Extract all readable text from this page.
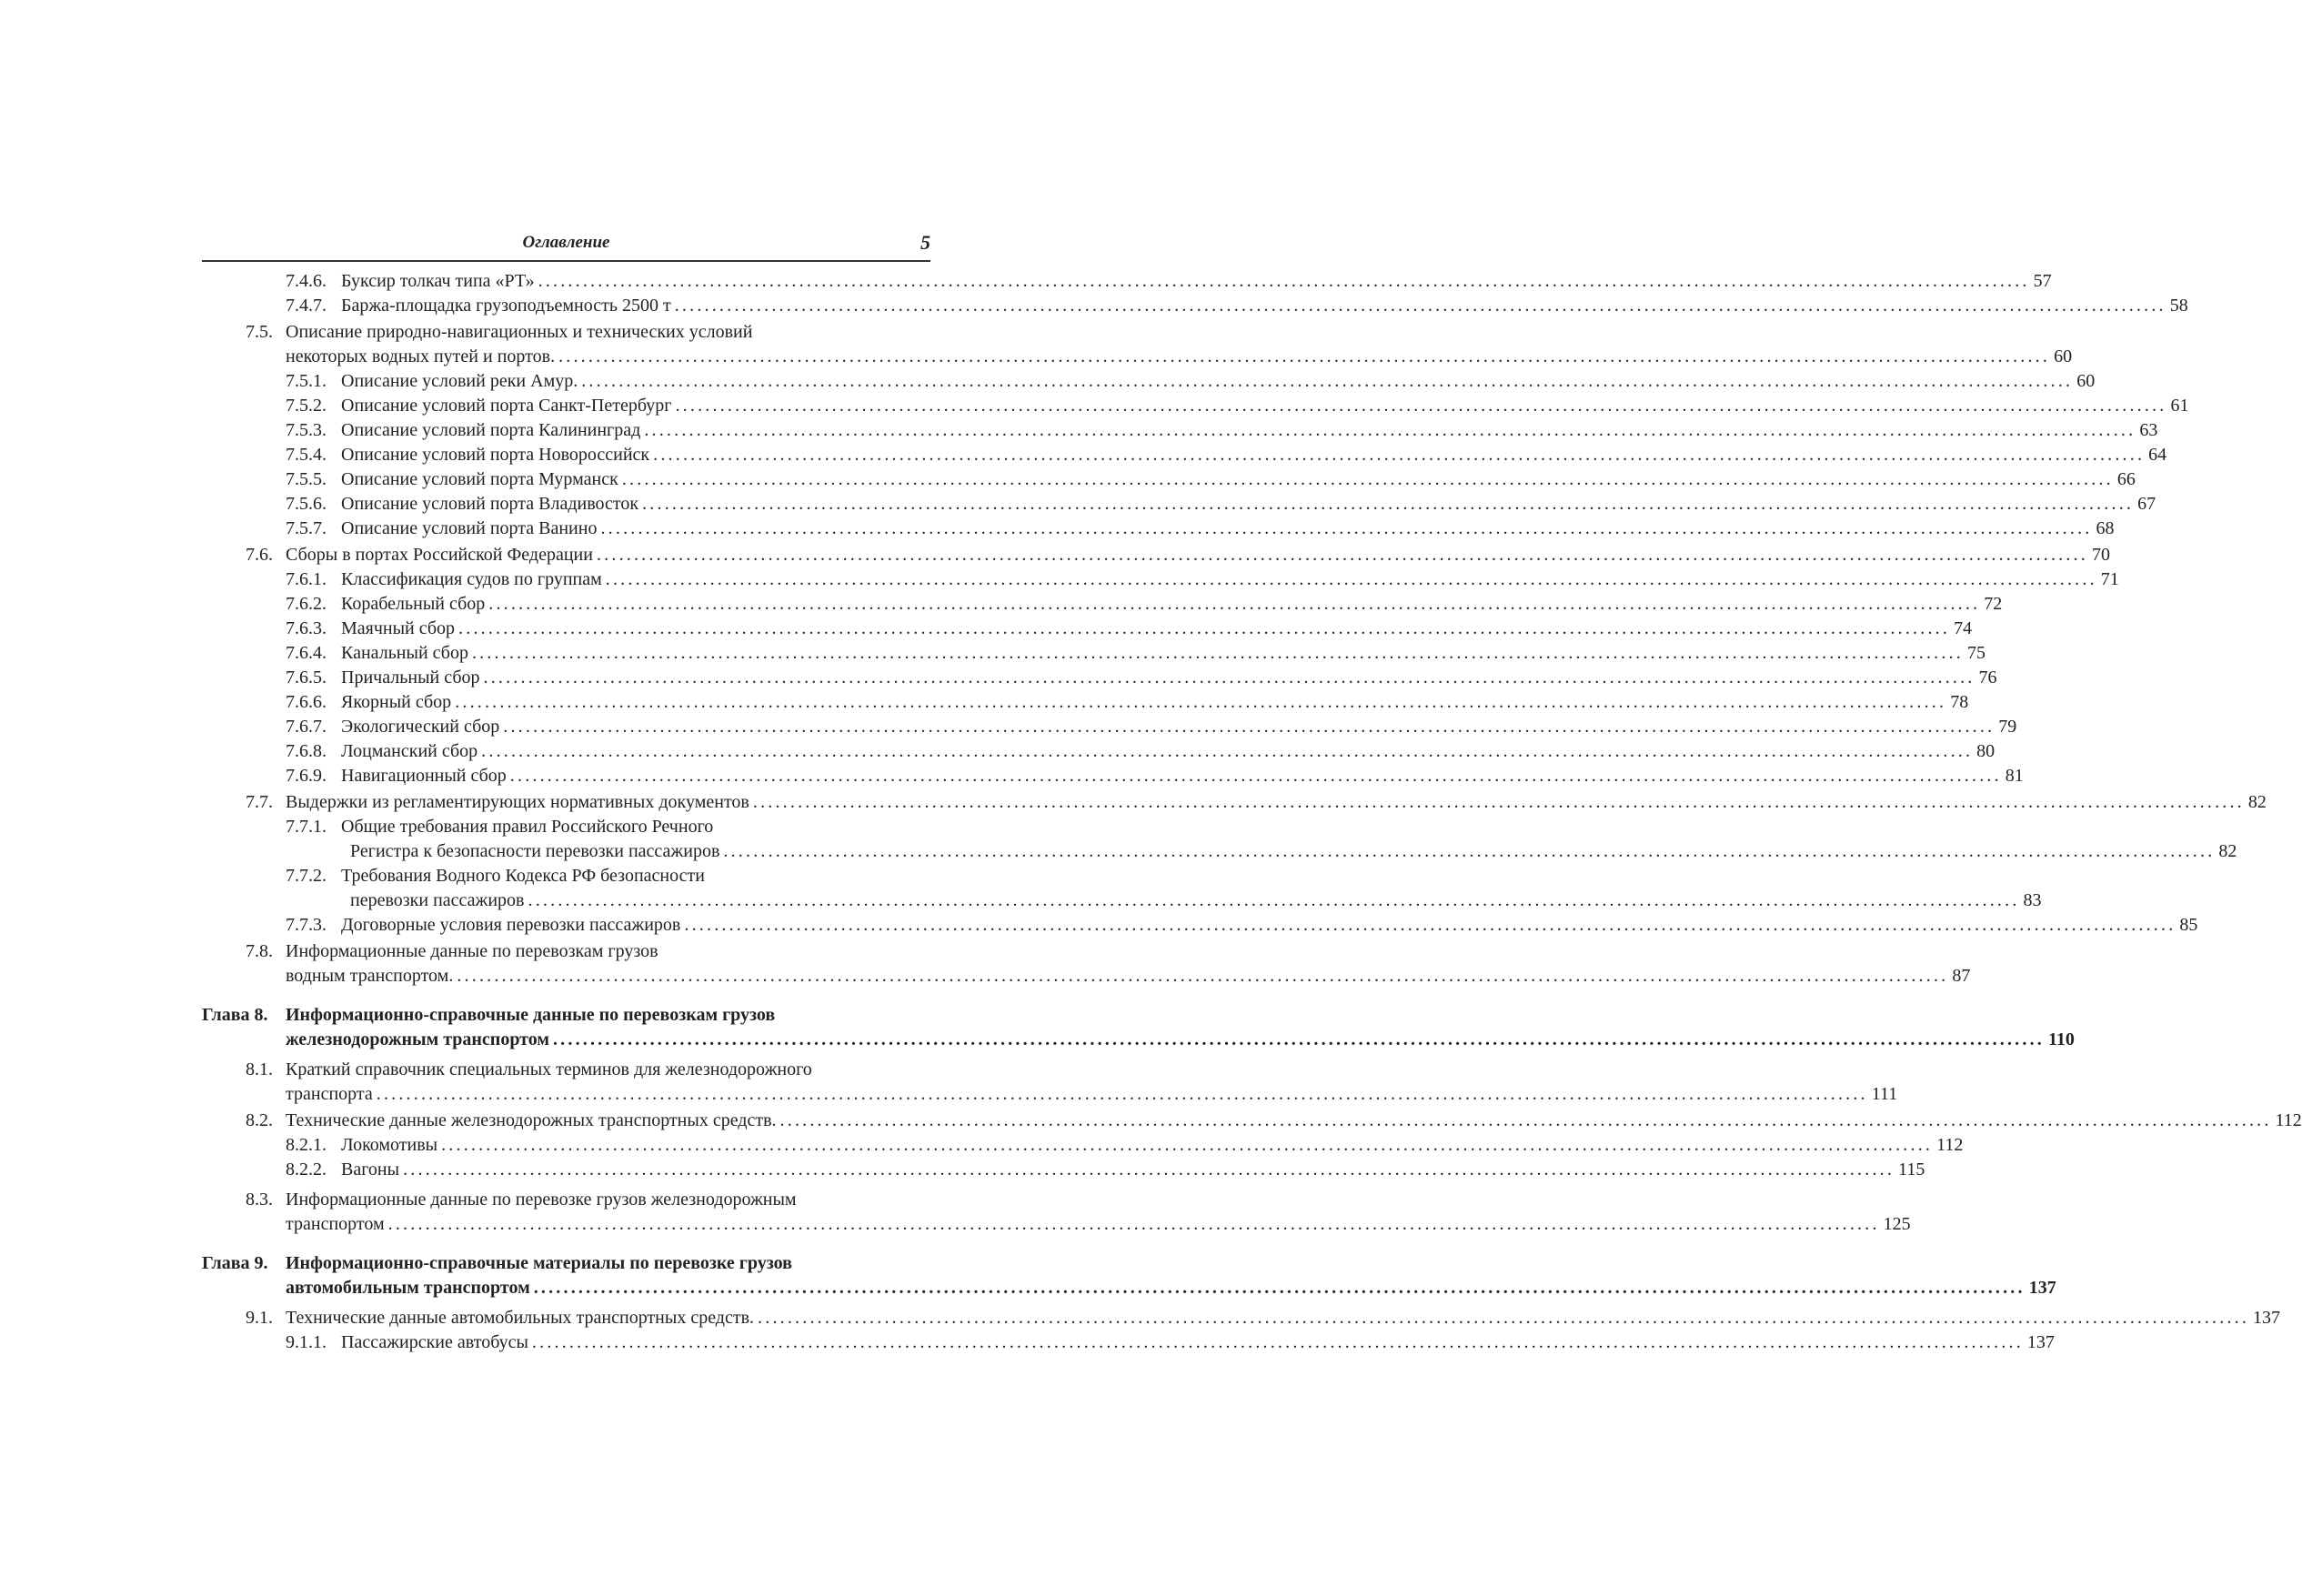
Оглавление	5
Буксир толкач типа «РТ» ........................................................................................................................................................................................................ 57
7.4.6.
Баржа-площадка грузоподъемность 2500 т ........................................................................................................................................................................................................ 58
7.4.7.
Описание природно-навигационных и технических условий
некоторых водных путей и портов. ........................................................................................................................................................................................................ 60
7.5.
Описание условий реки Амур. ........................................................................................................................................................................................................ 60
7.5.1.
Описание условий порта Санкт-Петербург ........................................................................................................................................................................................................ 61
7.5.2.
Описание условий порта Калининград ........................................................................................................................................................................................................ 63
7.5.3.
Описание условий порта Новороссийск ........................................................................................................................................................................................................ 64
7.5.4.
Описание условий порта Мурманск ........................................................................................................................................................................................................ 66
7.5.5.
Описание условий порта Владивосток ........................................................................................................................................................................................................ 67
7.5.6.
Описание условий порта Ванино ........................................................................................................................................................................................................ 68
7.5.7.
Сборы в портах Российской Федерации ........................................................................................................................................................................................................ 70
7.6.
Классификация судов по группам ........................................................................................................................................................................................................ 71
7.6.1.
Корабельный сбор ........................................................................................................................................................................................................ 72
7.6.2.
Маячный сбор ........................................................................................................................................................................................................ 74
7.6.3.
Канальный сбор ........................................................................................................................................................................................................ 75
7.6.4.
Причальный сбор ........................................................................................................................................................................................................ 76
7.6.5.
Якорный сбор ........................................................................................................................................................................................................ 78
7.6.6.
Экологический сбор ........................................................................................................................................................................................................ 79
7.6.7.
Лоцманский сбор ........................................................................................................................................................................................................ 80
7.6.8.
Навигационный сбор ........................................................................................................................................................................................................ 81
7.6.9.
Выдержки из регламентирующих нормативных документов ........................................................................................................................................................................................................ 82
7.7.
Общие требования правил Российского Речного
Регистра к безопасности перевозки пассажиров ........................................................................................................................................................................................................ 82
7.7.1.
Требования Водного Кодекса РФ безопасности
перевозки пассажиров ........................................................................................................................................................................................................ 83
7.7.2.
Договорные условия перевозки пассажиров ........................................................................................................................................................................................................ 85
7.7.3.
Информационные данные по перевозкам грузов
водным транспортом. ........................................................................................................................................................................................................ 87
7.8.
Информационно-справочные данные по перевозкам грузов
железнодорожным транспортом ........................................................................................................................................................................................................ 110
Глава 8.
Краткий справочник специальных терминов для железнодорожного
транспорта ........................................................................................................................................................................................................ 111
8.1.
Технические данные железнодорожных транспортных средств. ........................................................................................................................................................................................................ 112
8.2.
Локомотивы ........................................................................................................................................................................................................ 112
8.2.1.
Вагоны ........................................................................................................................................................................................................ 115
8.2.2.
Информационные данные по перевозке грузов железнодорожным
транспортом ........................................................................................................................................................................................................ 125
8.3.
Информационно-справочные материалы по перевозке грузов
автомобильным транспортом ........................................................................................................................................................................................................ 137
Глава 9.
Технические данные автомобильных транспортных средств. ........................................................................................................................................................................................................ 137
9.1.
Пассажирские автобусы ........................................................................................................................................................................................................ 137
9.1.1.
